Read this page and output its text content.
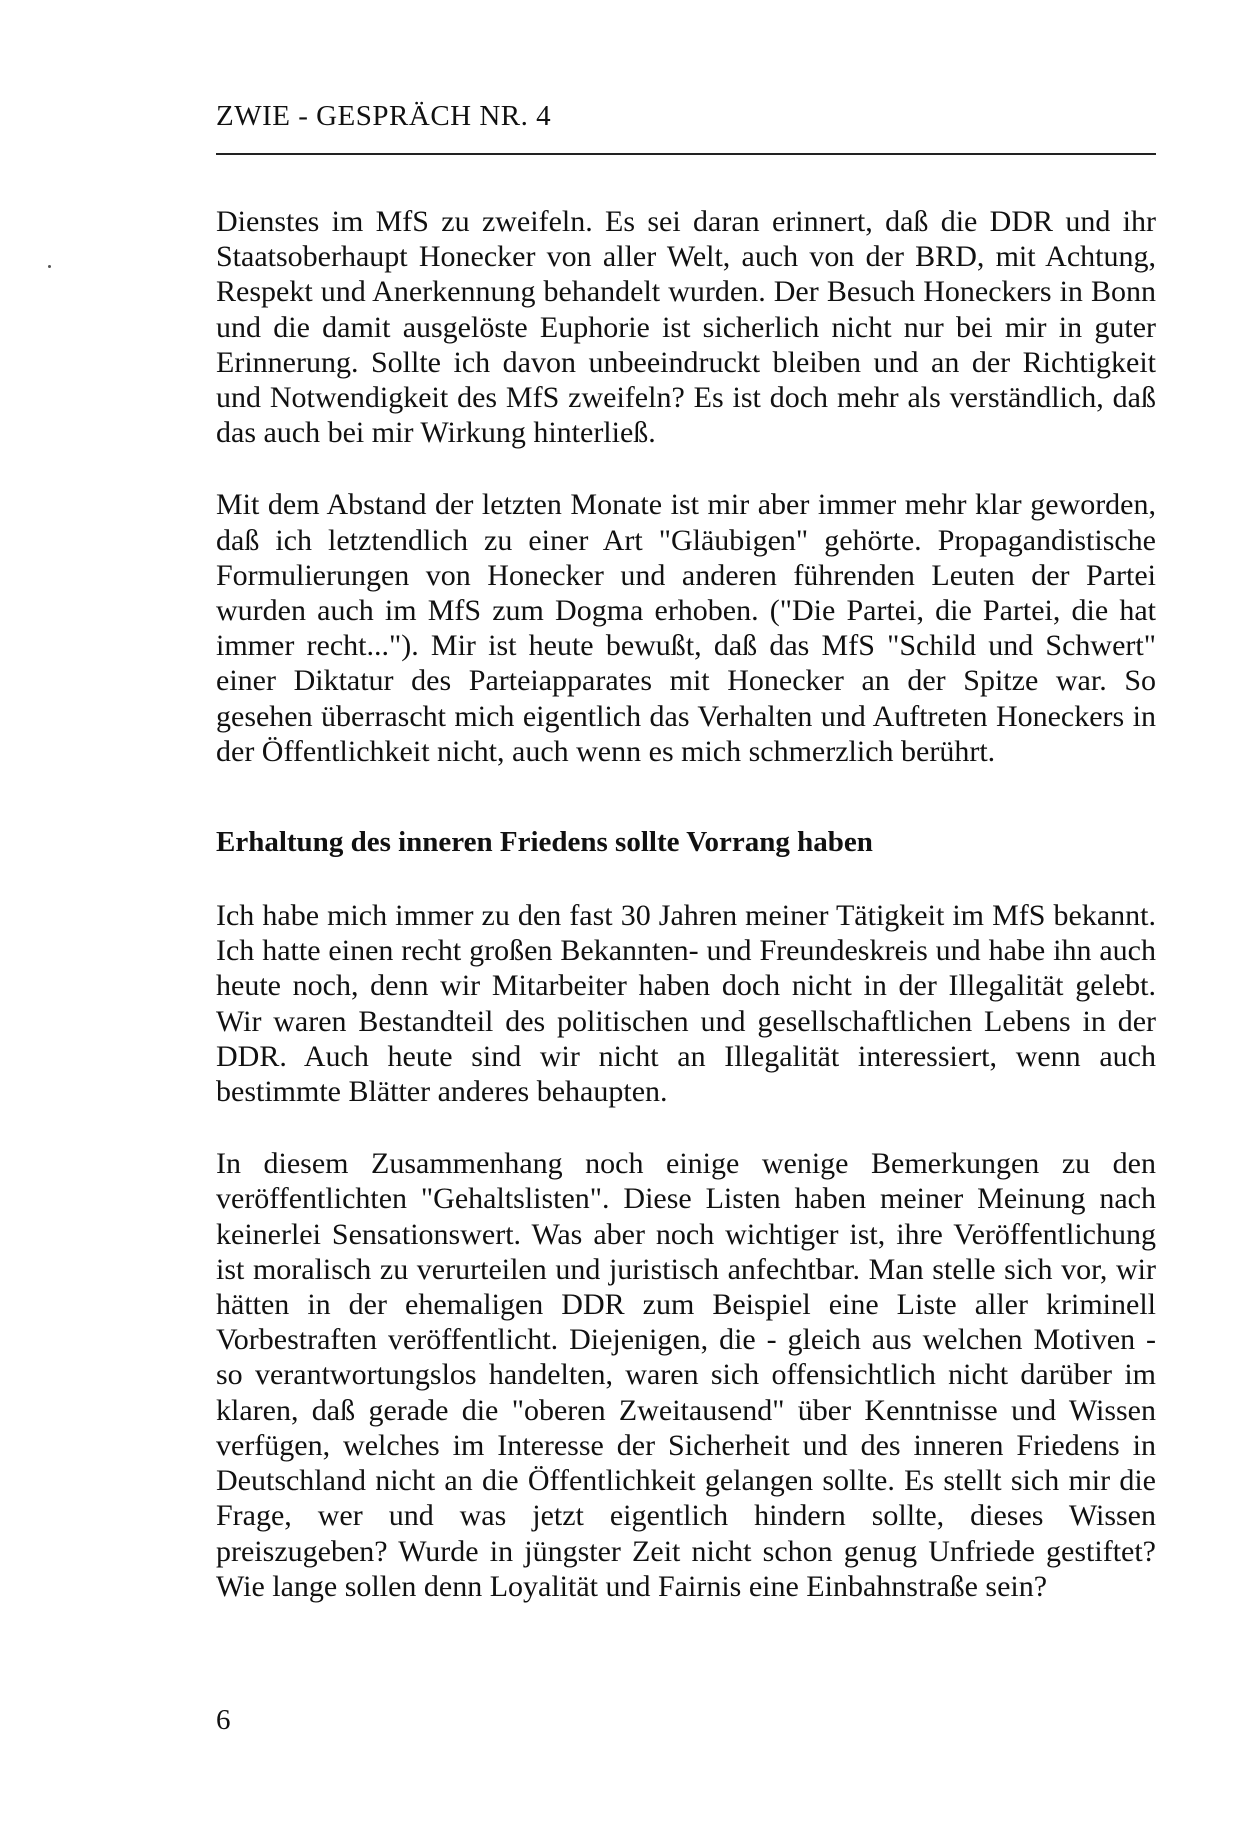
ZWIE - GESPRÄCH NR. 4

Dienstes im MfS zu zweifeln. Es sei daran erinnert, daß die DDR und ihr Staatsoberhaupt Honecker von aller Welt, auch von der BRD, mit Achtung, Respekt und Anerkennung behandelt wurden. Der Besuch Honeckers in Bonn und die damit ausgelöste Euphorie ist sicherlich nicht nur bei mir in guter Erinnerung. Sollte ich davon unbeeindruckt bleiben und an der Richtigkeit und Notwendigkeit des MfS zweifeln? Es ist doch mehr als verständlich, daß das auch bei mir Wirkung hinterließ.

Mit dem Abstand der letzten Monate ist mir aber immer mehr klar geworden, daß ich letztendlich zu einer Art "Gläubigen" gehörte. Propagandistische Formulierungen von Honecker und anderen führenden Leuten der Partei wurden auch im MfS zum Dogma erhoben. ("Die Partei, die Partei, die hat immer recht..."). Mir ist heute bewußt, daß das MfS "Schild und Schwert" einer Diktatur des Parteiapparates mit Honecker an der Spitze war. So gesehen überrascht mich eigentlich das Verhalten und Auftreten Honeckers in der Öffentlichkeit nicht, auch wenn es mich schmerzlich berührt.

Erhaltung des inneren Friedens sollte Vorrang haben

Ich habe mich immer zu den fast 30 Jahren meiner Tätigkeit im MfS bekannt. Ich hatte einen recht großen Bekannten- und Freundeskreis und habe ihn auch heute noch, denn wir Mitarbeiter haben doch nicht in der Illegalität gelebt. Wir waren Bestandteil des politischen und gesellschaftlichen Lebens in der DDR. Auch heute sind wir nicht an Illegalität interessiert, wenn auch bestimmte Blätter anderes behaupten.

In diesem Zusammenhang noch einige wenige Bemerkungen zu den veröffentlichten "Gehaltslisten". Diese Listen haben meiner Meinung nach keinerlei Sensationswert. Was aber noch wichtiger ist, ihre Veröffentlichung ist moralisch zu verurteilen und juristisch anfechtbar. Man stelle sich vor, wir hätten in der ehemaligen DDR zum Beispiel eine Liste aller kriminell Vorbestraften veröffentlicht. Diejenigen, die - gleich aus welchen Motiven - so verantwortungslos handelten, waren sich offensichtlich nicht darüber im klaren, daß gerade die "oberen Zweitausend" über Kenntnisse und Wissen verfügen, welches im Interesse der Sicherheit und des inneren Friedens in Deutschland nicht an die Öffentlichkeit gelangen sollte. Es stellt sich mir die Frage, wer und was jetzt eigentlich hindern sollte, dieses Wissen preiszugeben? Wurde in jüngster Zeit nicht schon genug Unfriede gestiftet? Wie lange sollen denn Loyalität und Fairnis eine Einbahnstraße sein?

6
